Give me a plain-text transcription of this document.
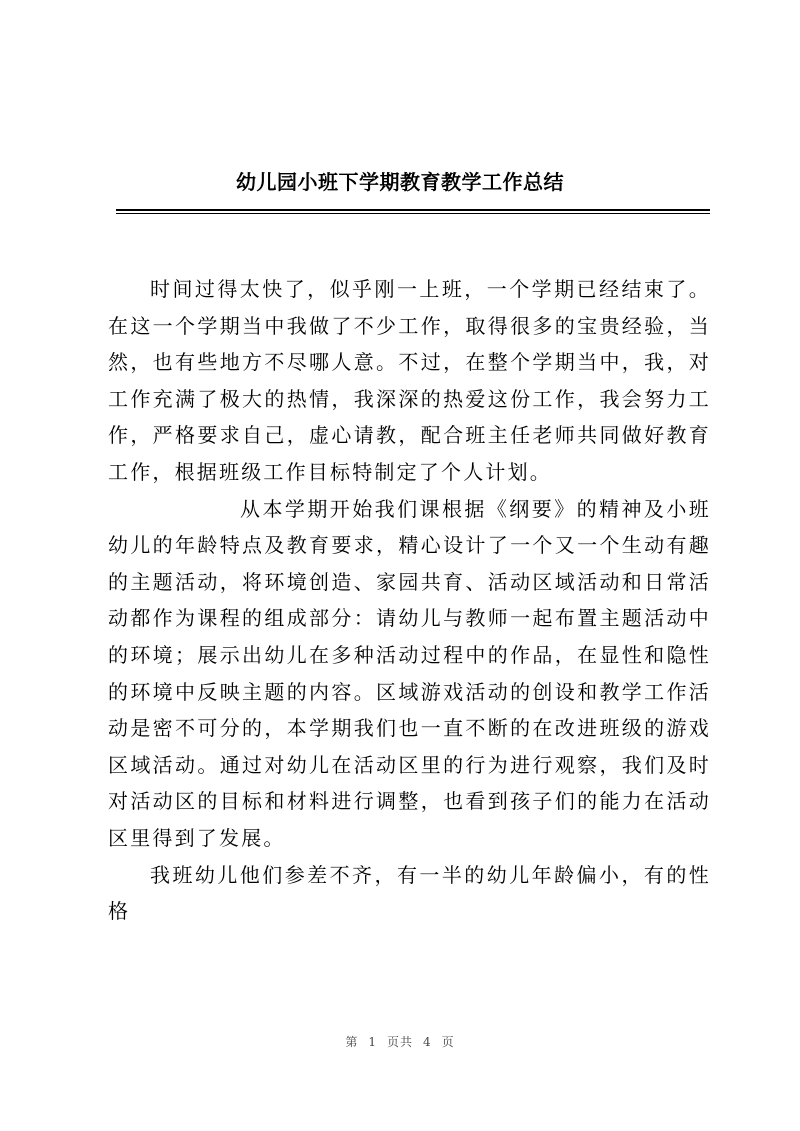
幼儿园小班下学期教育教学工作总结

时间过得太快了，似乎刚一上班，一个学期已经结束了。在这一个学期当中我做了不少工作，取得很多的宝贵经验，当然，也有些地方不尽哪人意。不过，在整个学期当中，我，对工作充满了极大的热情，我深深的热爱这份工作，我会努力工作，严格要求自己，虚心请教，配合班主任老师共同做好教育工作，根据班级工作目标特制定了个人计划。

从本学期开始我们课根据《纲要》的精神及小班幼儿的年龄特点及教育要求，精心设计了一个又一个生动有趣的主题活动，将环境创造、家园共育、活动区域活动和日常活动都作为课程的组成部分：请幼儿与教师一起布置主题活动中的环境；展示出幼儿在多种活动过程中的作品，在显性和隐性的环境中反映主题的内容。区域游戏活动的创设和教学工作活动是密不可分的，本学期我们也一直不断的在改进班级的游戏区域活动。通过对幼儿在活动区里的行为进行观察，我们及时对活动区的目标和材料进行调整，也看到孩子们的能力在活动区里得到了发展。

我班幼儿他们参差不齐，有一半的幼儿年龄偏小，有的性格

第 1 页共 4 页
